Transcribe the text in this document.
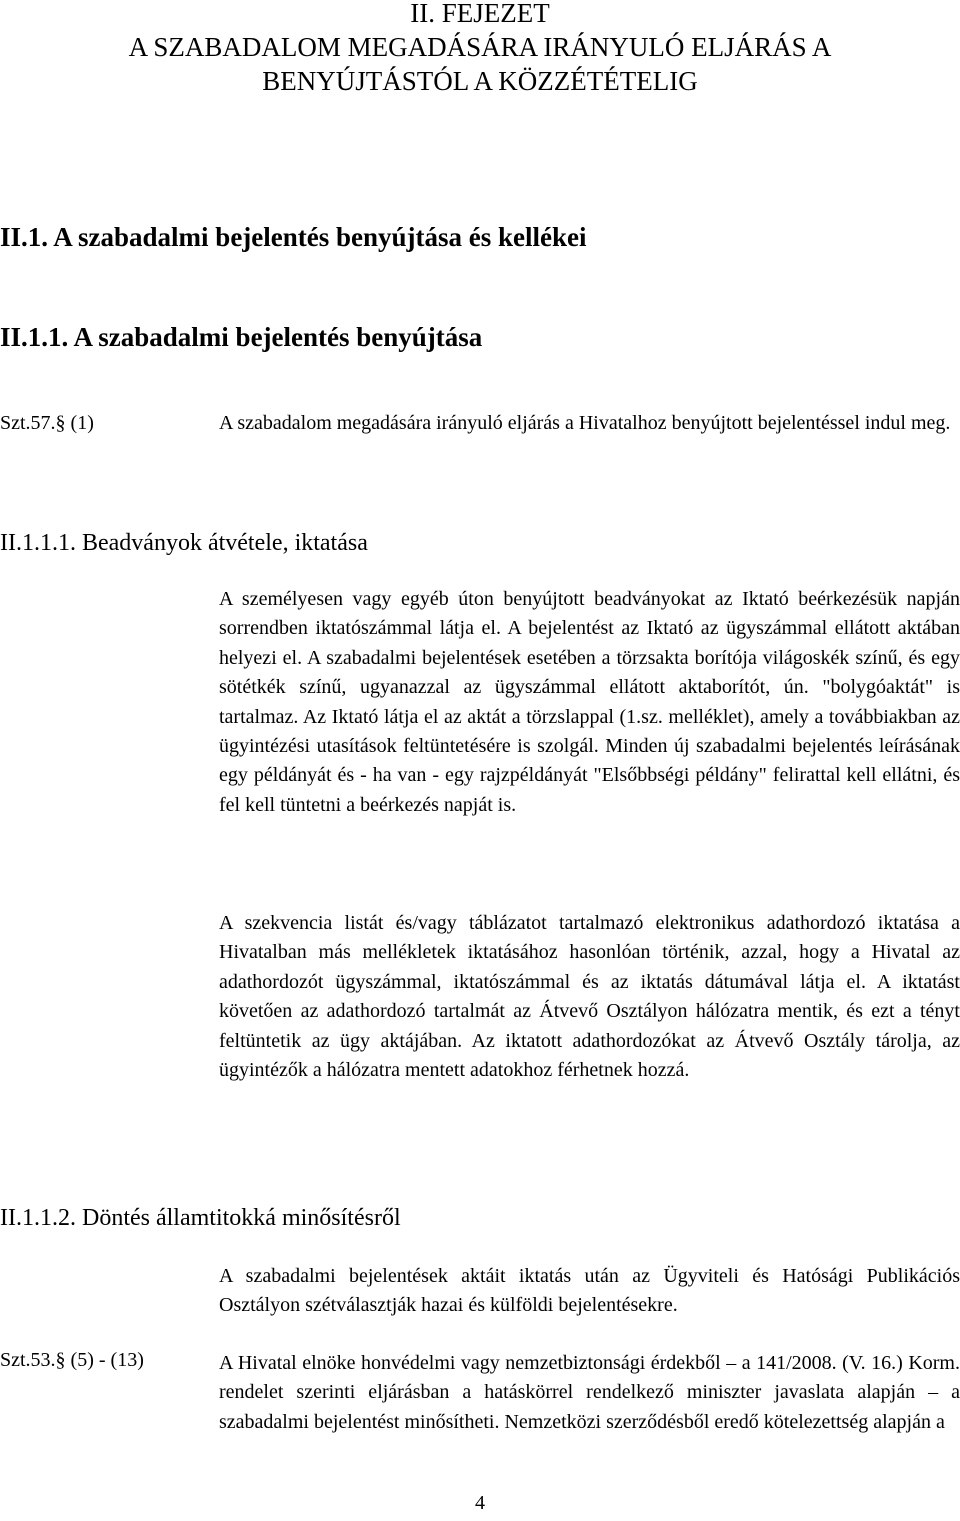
II. FEJEZET
A SZABADALOM MEGADÁSÁRA IRÁNYULÓ ELJÁRÁS A
BENYÚJTÁSTÓL A KÖZZÉTÉTELIG
II.1. A szabadalmi bejelentés benyújtása és kellékei
II.1.1. A szabadalmi bejelentés benyújtása
Szt.57.§ (1)	A szabadalom megadására irányuló eljárás a Hivatalhoz benyújtott bejelentéssel indul meg.
II.1.1.1. Beadványok átvétele, iktatása
A személyesen vagy egyéb úton benyújtott beadványokat az Iktató beérkezésük napján sorrendben iktatószámmal látja el. A bejelentést az Iktató az ügyszámmal ellátott aktában helyezi el. A szabadalmi bejelentések esetében a törzsakta borítója világoskék színű, és egy sötétkék színű, ugyanazzal az ügyszámmal ellátott aktaborítót, ún. "bolygóaktát" is tartalmaz. Az Iktató látja el az aktát a törzslappal (1.sz. melléklet), amely a továbbiakban az ügyintézési utasítások feltüntetésére is szolgál. Minden új szabadalmi bejelentés leírásának egy példányát és - ha van - egy rajzpéldányát "Elsőbbségi példány" felirattal kell ellátni, és fel kell tüntetni a beérkezés napját is.
A szekvencia listát és/vagy táblázatot tartalmazó elektronikus adathordozó iktatása a Hivatalban más mellékletek iktatásához hasonlóan történik, azzal, hogy a Hivatal az adathordozót ügyszámmal, iktatószámmal és az iktatás dátumával látja el. A iktatást követően az adathordozó tartalmát az Átvevő Osztályon hálózatra mentik, és ezt a tényt feltüntetik az ügy aktájában. Az iktatott adathordozókat az Átvevő Osztály tárolja, az ügyintézők a hálózatra mentett adatokhoz férhetnek hozzá.
II.1.1.2. Döntés államtitokká minősítésről
A szabadalmi bejelentések aktáit iktatás után az Ügyviteli és Hatósági Publikációs Osztályon szétválasztják hazai és külföldi bejelentésekre.
Szt.53.§ (5) - (13)	A Hivatal elnöke honvédelmi vagy nemzetbiztonsági érdekből – a 141/2008. (V. 16.) Korm. rendelet szerinti eljárásban a hatáskörrel rendelkező miniszter javaslata alapján – a szabadalmi bejelentést minősítheti. Nemzetközi szerződésből eredő kötelezettség alapján a
4
